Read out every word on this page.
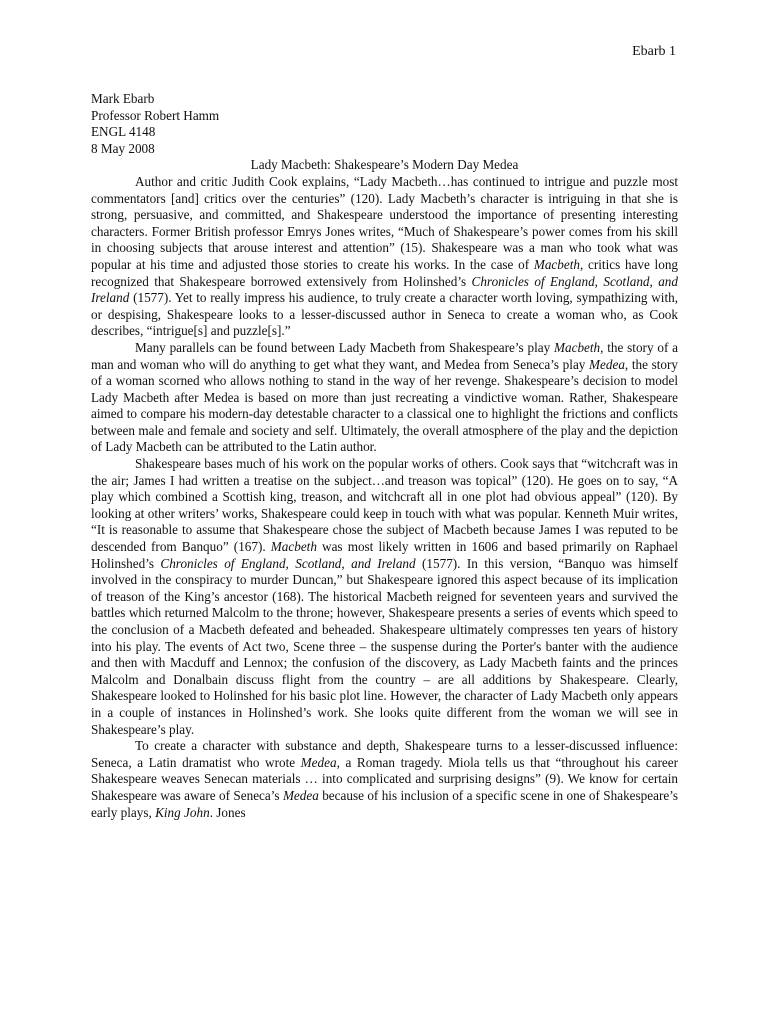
Ebarb 1
Mark Ebarb
Professor Robert Hamm
ENGL 4148
8 May 2008
Lady Macbeth: Shakespeare’s Modern Day Medea

Author and critic Judith Cook explains, “Lady Macbeth…has continued to intrigue and puzzle most commentators [and] critics over the centuries” (120). Lady Macbeth’s character is intriguing in that she is strong, persuasive, and committed, and Shakespeare understood the importance of presenting interesting characters. Former British professor Emrys Jones writes, “Much of Shakespeare’s power comes from his skill in choosing subjects that arouse interest and attention” (15). Shakespeare was a man who took what was popular at his time and adjusted those stories to create his works. In the case of Macbeth, critics have long recognized that Shakespeare borrowed extensively from Holinshed’s Chronicles of England, Scotland, and Ireland (1577). Yet to really impress his audience, to truly create a character worth loving, sympathizing with, or despising, Shakespeare looks to a lesser-discussed author in Seneca to create a woman who, as Cook describes, “intrigue[s] and puzzle[s].”

Many parallels can be found between Lady Macbeth from Shakespeare’s play Macbeth, the story of a man and woman who will do anything to get what they want, and Medea from Seneca’s play Medea, the story of a woman scorned who allows nothing to stand in the way of her revenge. Shakespeare’s decision to model Lady Macbeth after Medea is based on more than just recreating a vindictive woman. Rather, Shakespeare aimed to compare his modern-day detestable character to a classical one to highlight the frictions and conflicts between male and female and society and self. Ultimately, the overall atmosphere of the play and the depiction of Lady Macbeth can be attributed to the Latin author.

Shakespeare bases much of his work on the popular works of others. Cook says that “witchcraft was in the air; James I had written a treatise on the subject…and treason was topical” (120). He goes on to say, “A play which combined a Scottish king, treason, and witchcraft all in one plot had obvious appeal” (120). By looking at other writers’ works, Shakespeare could keep in touch with what was popular. Kenneth Muir writes, “It is reasonable to assume that Shakespeare chose the subject of Macbeth because James I was reputed to be descended from Banquo” (167). Macbeth was most likely written in 1606 and based primarily on Raphael Holinshed’s Chronicles of England, Scotland, and Ireland (1577). In this version, “Banquo was himself involved in the conspiracy to murder Duncan,” but Shakespeare ignored this aspect because of its implication of treason of the King’s ancestor (168). The historical Macbeth reigned for seventeen years and survived the battles which returned Malcolm to the throne; however, Shakespeare presents a series of events which speed to the conclusion of a Macbeth defeated and beheaded. Shakespeare ultimately compresses ten years of history into his play. The events of Act two, Scene three – the suspense during the Porter's banter with the audience and then with Macduff and Lennox; the confusion of the discovery, as Lady Macbeth faints and the princes Malcolm and Donalbain discuss flight from the country – are all additions by Shakespeare. Clearly, Shakespeare looked to Holinshed for his basic plot line. However, the character of Lady Macbeth only appears in a couple of instances in Holinshed’s work. She looks quite different from the woman we will see in Shakespeare’s play.

To create a character with substance and depth, Shakespeare turns to a lesser-discussed influence: Seneca, a Latin dramatist who wrote Medea, a Roman tragedy. Miola tells us that “throughout his career Shakespeare weaves Senecan materials … into complicated and surprising designs” (9). We know for certain Shakespeare was aware of Seneca’s Medea because of his inclusion of a specific scene in one of Shakespeare’s early plays, King John. Jones
